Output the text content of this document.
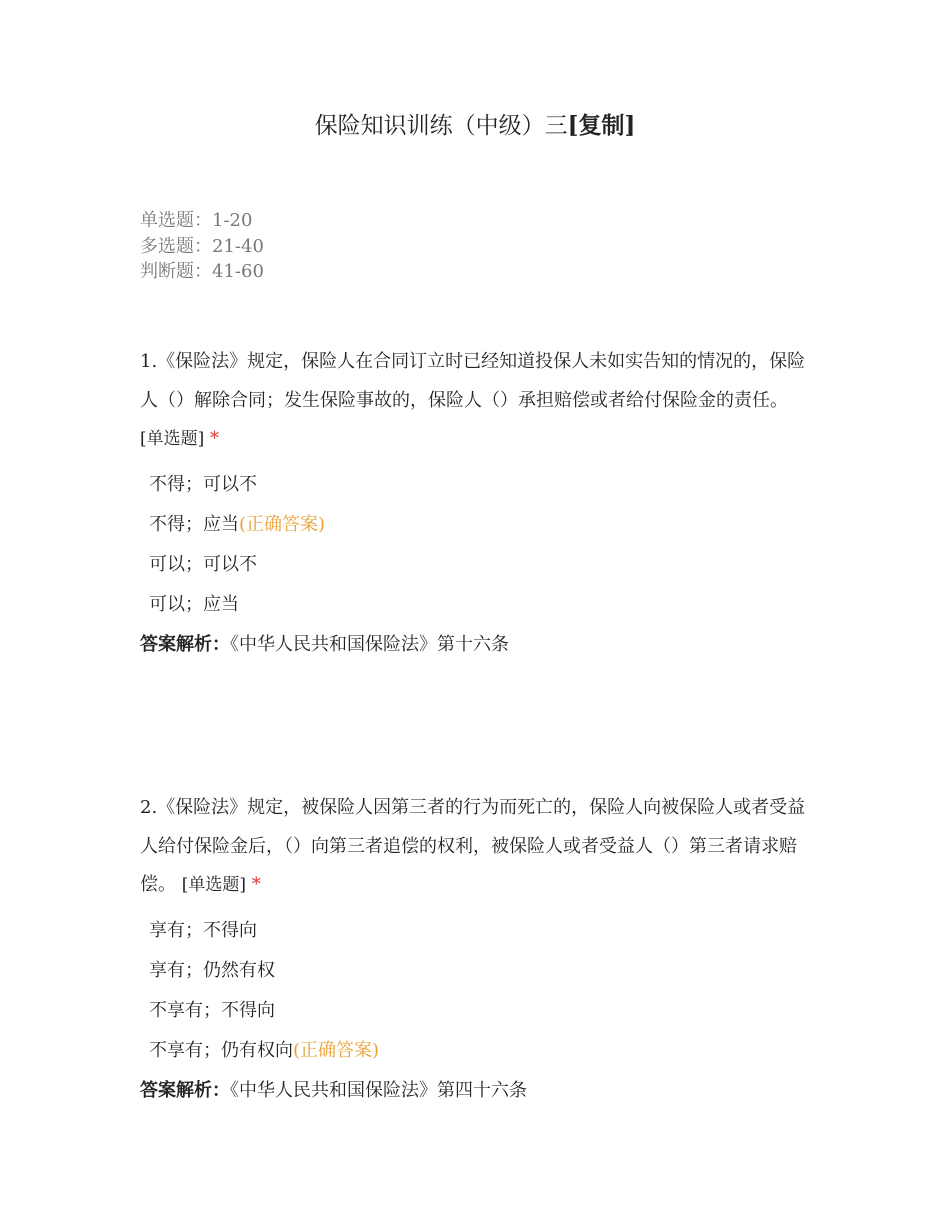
保险知识训练（中级）三[复制]
单选题：1-20
多选题：21-40
判断题：41-60
1.《保险法》规定，保险人在合同订立时已经知道投保人未如实告知的情况的，保险人（）解除合同；发生保险事故的，保险人（）承担赔偿或者给付保险金的责任。 [单选题] *
不得；可以不
不得；应当(正确答案)
可以；可以不
可以；应当
答案解析：《中华人民共和国保险法》第十六条
2.《保险法》规定，被保险人因第三者的行为而死亡的，保险人向被保险人或者受益人给付保险金后，（）向第三者追偿的权利，被保险人或者受益人（）第三者请求赔偿。 [单选题] *
享有；不得向
享有；仍然有权
不享有；不得向
不享有；仍有权向(正确答案)
答案解析：《中华人民共和国保险法》第四十六条
